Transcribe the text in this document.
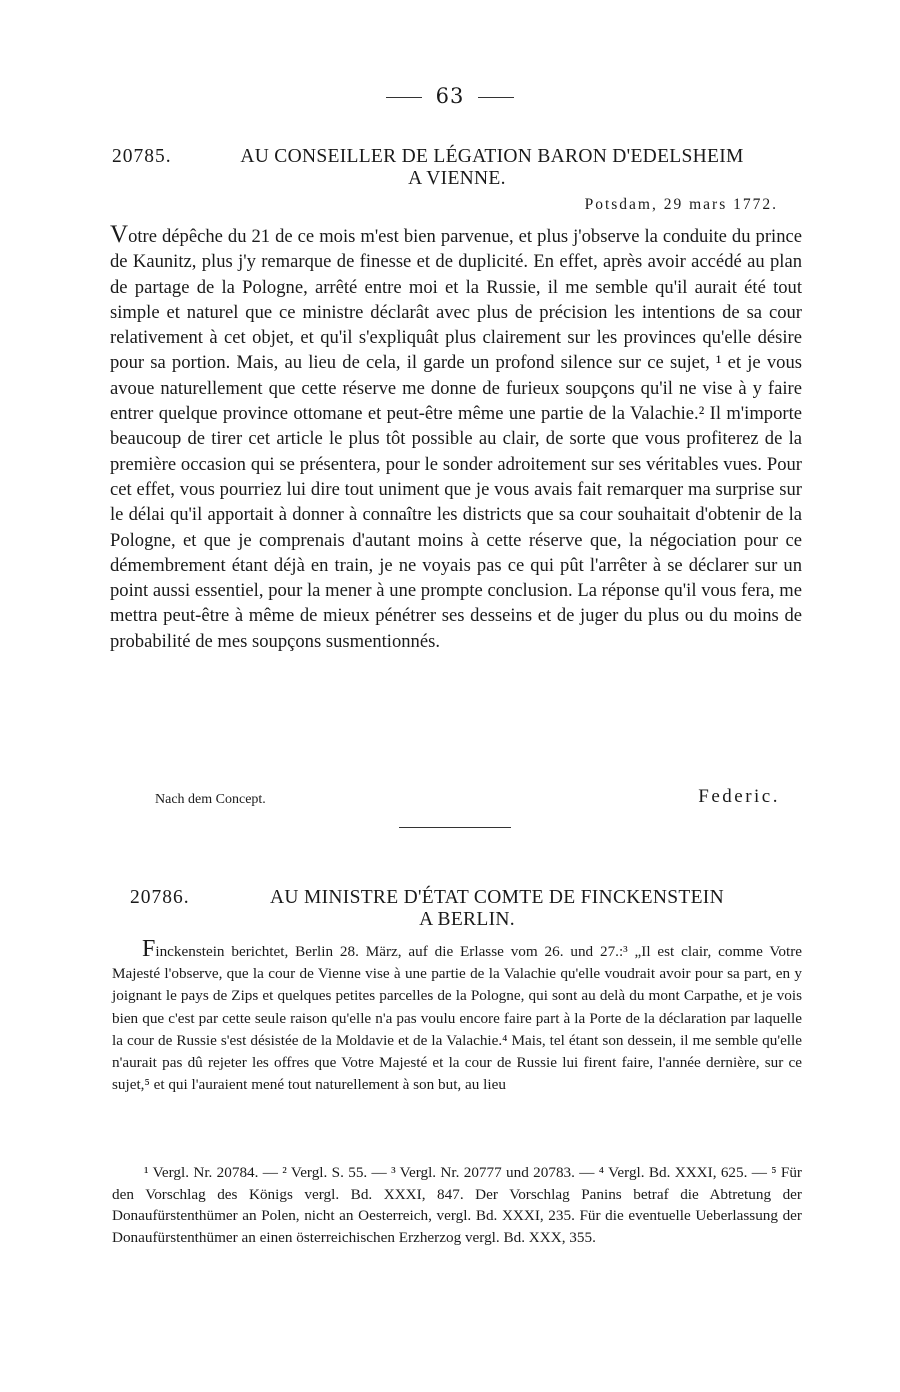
63
20785.	AU CONSEILLER DE LÉGATION BARON D'EDELSHEIM
A VIENNE.
Potsdam, 29 mars 1772.

Votre dépêche du 21 de ce mois m'est bien parvenue, et plus j'observe la conduite du prince de Kaunitz, plus j'y remarque de finesse et de duplicité. En effet, après avoir accédé au plan de partage de la Pologne, arrêté entre moi et la Russie, il me semble qu'il aurait été tout simple et naturel que ce ministre déclarât avec plus de précision les intentions de sa cour relativement à cet objet, et qu'il s'expliquât plus clairement sur les provinces qu'elle désire pour sa portion. Mais, au lieu de cela, il garde un profond silence sur ce sujet, ¹ et je vous avoue naturellement que cette réserve me donne de furieux soupçons qu'il ne vise à y faire entrer quelque province ottomane et peut-être même une partie de la Valachie.² Il m'importe beaucoup de tirer cet article le plus tôt possible au clair, de sorte que vous profiterez de la première occasion qui se présentera, pour le sonder adroitement sur ses véritables vues. Pour cet effet, vous pourriez lui dire tout uniment que je vous avais fait remarquer ma surprise sur le délai qu'il apportait à donner à connaître les districts que sa cour souhaitait d'obtenir de la Pologne, et que je comprenais d'autant moins à cette réserve que, la négociation pour ce démembrement étant déjà en train, je ne voyais pas ce qui pût l'arrêter à se déclarer sur un point aussi essentiel, pour la mener à une prompte conclusion. La réponse qu'il vous fera, me mettra peut-être à même de mieux pénétrer ses desseins et de juger du plus ou du moins de probabilité de mes soupçons susmentionnés.

Nach dem Concept.	Federic.
20786.	AU MINISTRE D'ÉTAT COMTE DE FINCKENSTEIN
A BERLIN.

Finckenstein berichtet, Berlin 28. März, auf die Erlasse vom 26. und 27.:³ „Il est clair, comme Votre Majesté l'observe, que la cour de Vienne vise à une partie de la Valachie qu'elle voudrait avoir pour sa part, en y joignant le pays de Zips et quelques petites parcelles de la Pologne, qui sont au delà du mont Carpathe, et je vois bien que c'est par cette seule raison qu'elle n'a pas voulu encore faire part à la Porte de la déclaration par laquelle la cour de Russie s'est désistée de la Moldavie et de la Valachie.⁴ Mais, tel étant son dessein, il me semble qu'elle n'aurait pas dû rejeter les offres que Votre Majesté et la cour de Russie lui firent faire, l'année dernière, sur ce sujet,⁵ et qui l'auraient mené tout naturellement à son but, au lieu

¹ Vergl. Nr. 20784. — ² Vergl. S. 55. — ³ Vergl. Nr. 20777 und 20783. — ⁴ Vergl. Bd. XXXI, 625. — ⁵ Für den Vorschlag des Königs vergl. Bd. XXXI, 847. Der Vorschlag Panins betraf die Abtretung der Donaufürstenthümer an Polen, nicht an Oesterreich, vergl. Bd. XXXI, 235. Für die eventuelle Ueberlassung der Donaufürstenthümer an einen österreichischen Erzherzog vergl. Bd. XXX, 355.
